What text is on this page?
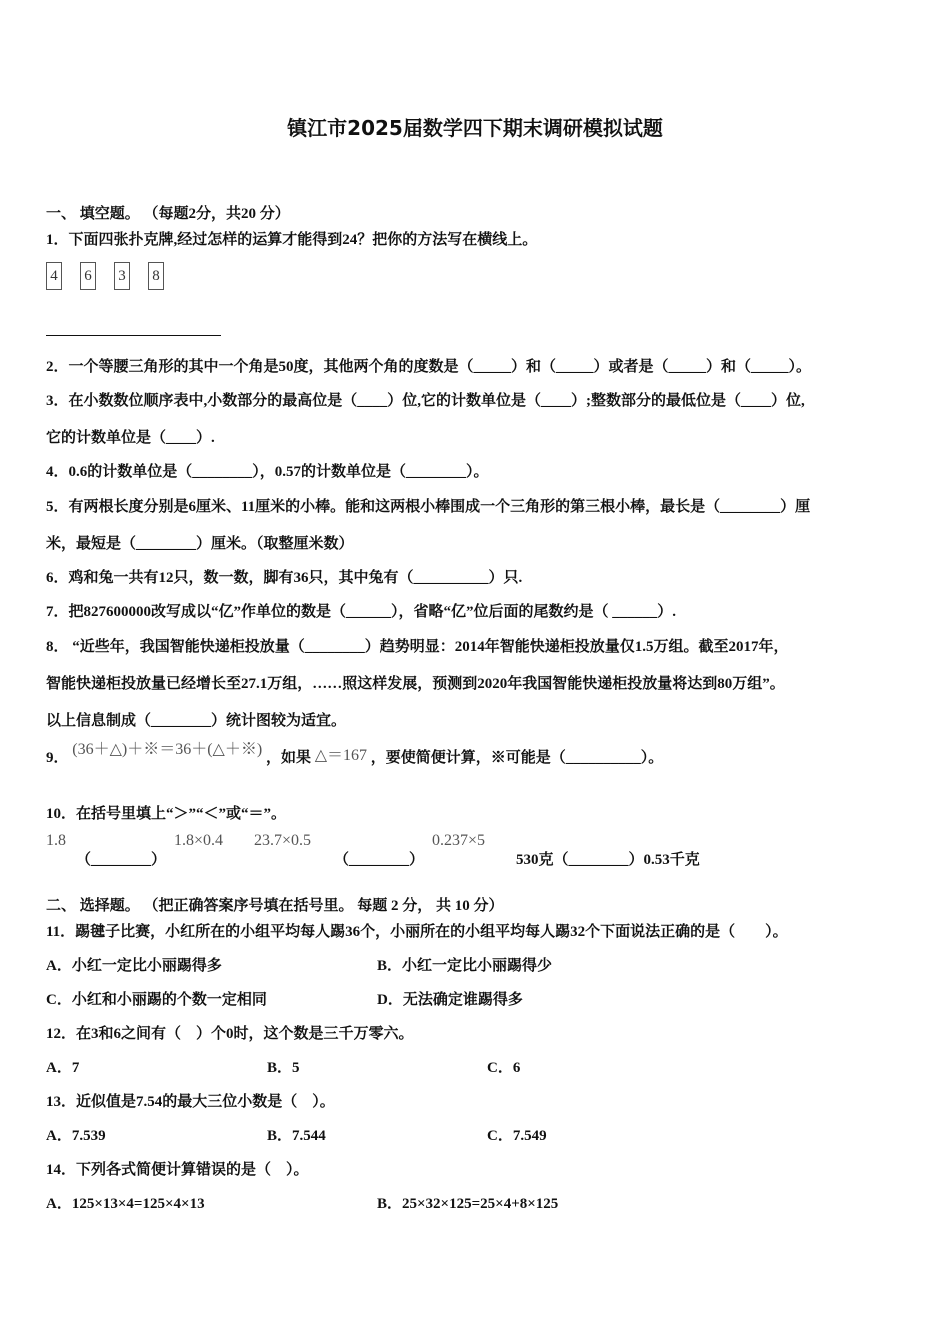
镇江市2025届数学四下期末调研模拟试题
一、 填空题。 （每题2分，共20 分）
1．下面四张扑克牌,经过怎样的运算才能得到24？把你的方法写在横线上。
4 6 3 8
2．一个等腰三角形的其中一个角是50度，其他两个角的度数是（_____）和（_____）或者是（_____）和（_____）。
3．在小数数位顺序表中,小数部分的最高位是（____）位,它的计数单位是（____）;整数部分的最低位是（____）位,
它的计数单位是（____）.
4．0.6的计数单位是（________），0.57的计数单位是（________）。
5．有两根长度分别是6厘米、11厘米的小棒。能和这两根小棒围成一个三角形的第三根小棒，最长是（________）厘
米，最短是（________）厘米。（取整厘米数）
6．鸡和兔一共有12只，数一数，脚有36只，其中兔有（__________）只.
7．把827600000改写成以“亿”作单位的数是（______），省略“亿”位后面的尾数约是（ ______）.
8． “近些年，我国智能快递柜投放量（________）趋势明显：2014年智能快递柜投放量仅1.5万组。截至2017年，
智能快递柜投放量已经增长至27.1万组，……照这样发展，预测到2020年我国智能快递柜投放量将达到80万组”。
以上信息制成（________）统计图较为适宜。
9． (36＋△)＋※＝36＋(△＋※) ，如果 △＝167 ，要使简便计算，※可能是（__________）。
10．在括号里填上“＞”“＜”或“＝”。
1.8
（________）
1.8×0.4 23.7×0.5
（________）
0.237×5
530克（________）0.53千克
二、 选择题。 （把正确答案序号填在括号里。 每题 2 分， 共 10 分）
11．踢毽子比赛，小红所在的小组平均每人踢36个，小丽所在的小组平均每人踢32个下面说法正确的是（　　）。
A．小红一定比小丽踢得多	B．小红一定比小丽踢得少
C．小红和小丽踢的个数一定相同	D．无法确定谁踢得多
12．在3和6之间有（　）个0时，这个数是三千万零六。
A．7	B．5	C．6
13．近似值是7.54的最大三位小数是（　）。
A．7.539	B．7.544	C．7.549
14．下列各式简便计算错误的是（　）。
A．125×13×4=125×4×13	B．25×32×125=25×4+8×125
